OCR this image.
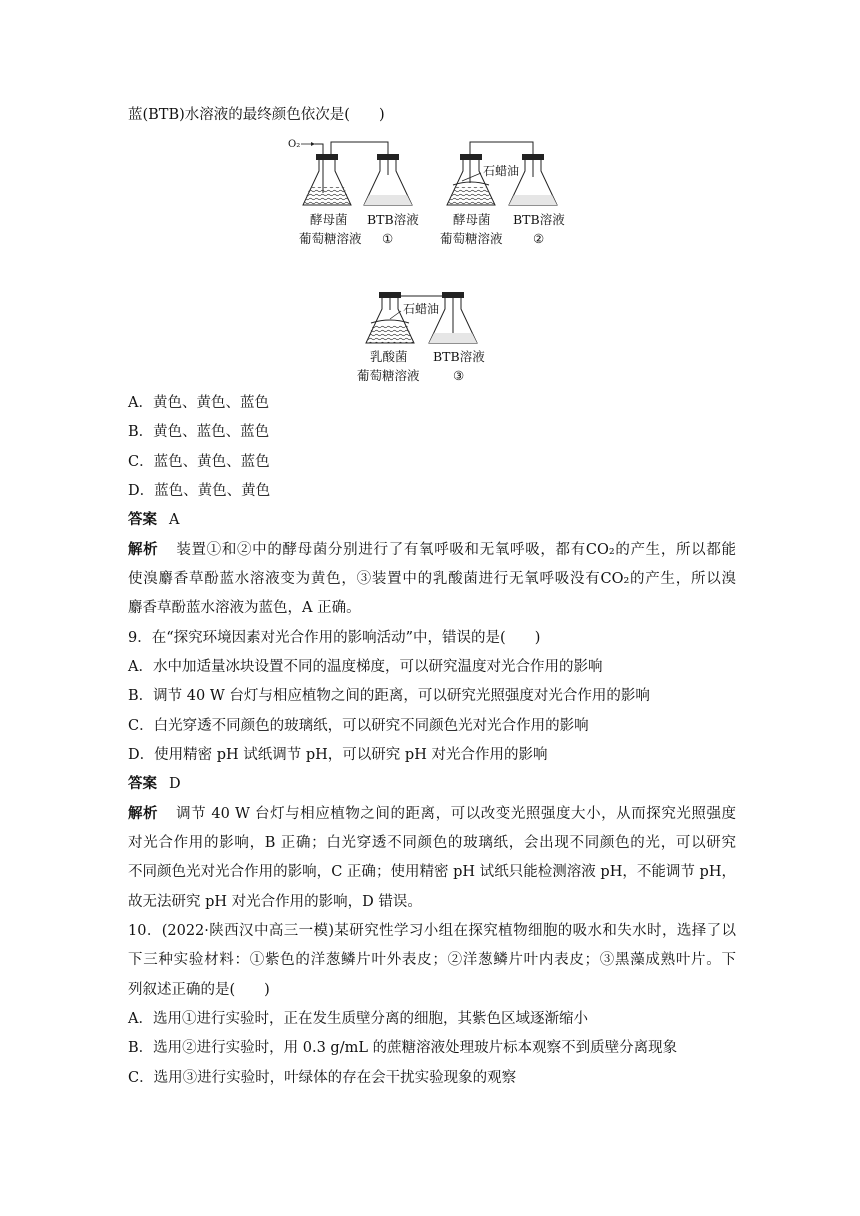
蓝(BTB)水溶液的最终颜色依次是(　　)
O₂
石蜡油
酵母菌 BTB溶液
葡萄糖溶液 ①
酵母菌 BTB溶液
葡萄糖溶液 ②
石蜡油
乳酸菌 BTB溶液
葡萄糖溶液	③
A．黄色、黄色、蓝色
B．黄色、蓝色、蓝色
C．蓝色、黄色、蓝色
D．蓝色、黄色、黄色
答案 A
解析 装置①和②中的酵母菌分别进行了有氧呼吸和无氧呼吸，都有CO₂的产生，所以都能
使溴麝香草酚蓝水溶液变为黄色，③装置中的乳酸菌进行无氧呼吸没有CO₂的产生，所以溴
麝香草酚蓝水溶液为蓝色，A 正确。
9．在“探究环境因素对光合作用的影响活动”中，错误的是(　　)
A．水中加适量冰块设置不同的温度梯度，可以研究温度对光合作用的影响
B．调节 40 W 台灯与相应植物之间的距离，可以研究光照强度对光合作用的影响
C．白光穿透不同颜色的玻璃纸，可以研究不同颜色光对光合作用的影响
D．使用精密 pH 试纸调节 pH，可以研究 pH 对光合作用的影响
答案 D
解析 调节 40 W 台灯与相应植物之间的距离，可以改变光照强度大小，从而探究光照强度
对光合作用的影响，B 正确；白光穿透不同颜色的玻璃纸，会出现不同颜色的光，可以研究
不同颜色光对光合作用的影响，C 正确；使用精密 pH 试纸只能检测溶液 pH，不能调节 pH，
故无法研究 pH 对光合作用的影响，D 错误。
10．(2022·陕西汉中高三一模)某研究性学习小组在探究植物细胞的吸水和失水时，选择了以
下三种实验材料：①紫色的洋葱鳞片叶外表皮；②洋葱鳞片叶内表皮；③黑藻成熟叶片。下
列叙述正确的是(　　)
A．选用①进行实验时，正在发生质壁分离的细胞，其紫色区域逐渐缩小
B．选用②进行实验时，用 0.3 g/mL 的蔗糖溶液处理玻片标本观察不到质壁分离现象
C．选用③进行实验时，叶绿体的存在会干扰实验现象的观察
